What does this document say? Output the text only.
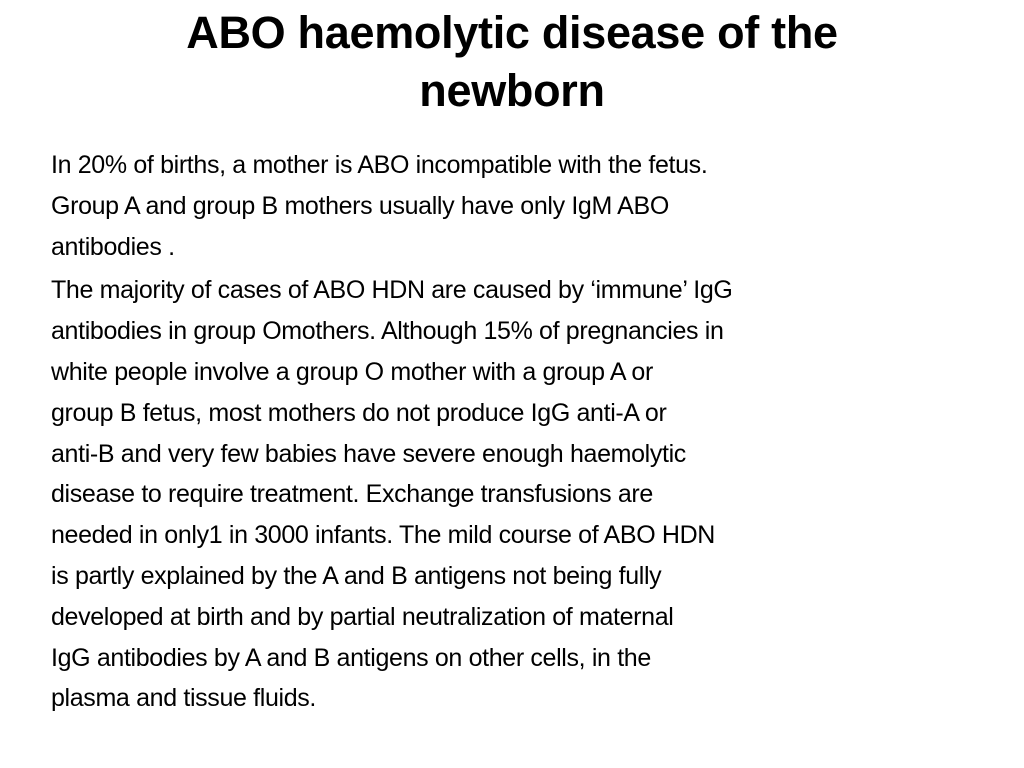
ABO haemolytic disease of the
newborn

In 20% of births, a mother is ABO incompatible with the fetus.
Group A and group B mothers usually have only IgM ABO
antibodies .

The majority of cases of ABO HDN are caused by ‘immune’ IgG
antibodies in group Omothers. Although 15% of pregnancies in
white people involve a group O mother with a group A or
group B fetus, most mothers do not produce IgG anti-A or
anti-B and very few babies have severe enough haemolytic
disease to require treatment. Exchange transfusions are
needed in only1 in 3000 infants. The mild course of ABO HDN
is partly explained by the A and B antigens not being fully
developed at birth and by partial neutralization of maternal
IgG antibodies by A and B antigens on other cells, in the
plasma and tissue fluids.
